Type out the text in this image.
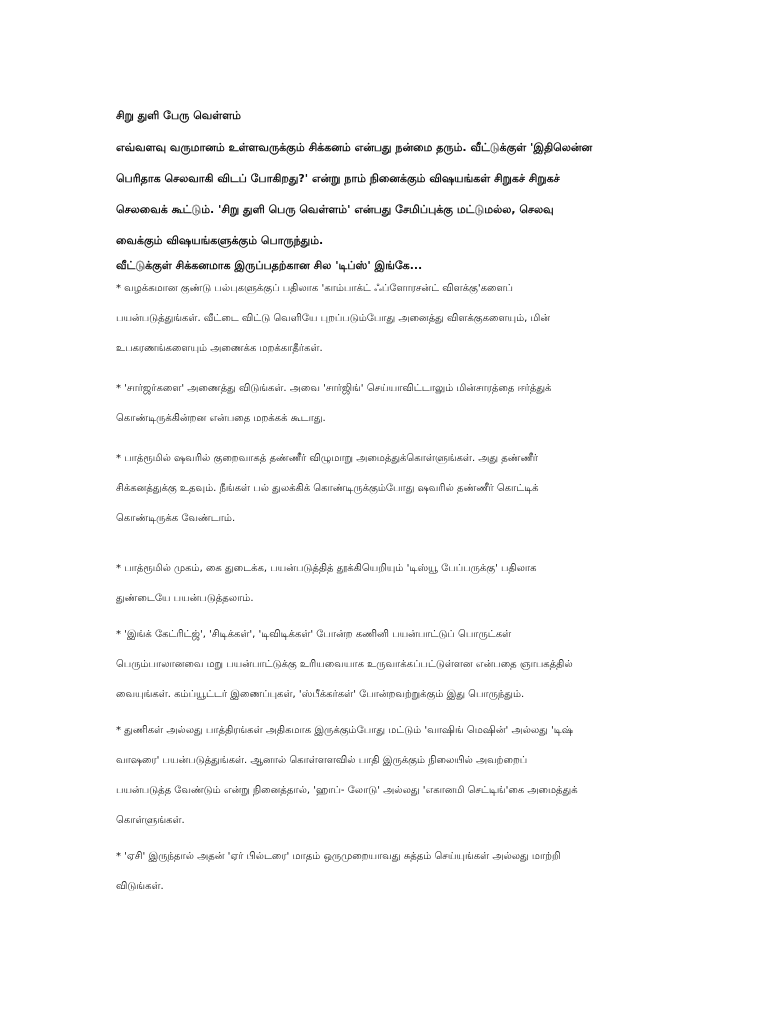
சிறு துளி பேரு வெள்ளம்
எவ்வளவு வருமானம் உள்ளவருக்கும் சிக்கனம் என்பது நன்மை தரும். வீட்டுக்குள் 'இதிலென்ன
பெரிதாக செலவாகி விடப் போகிறது?' என்று நாம் நினைக்கும் விஷயங்கள் சிறுகச் சிறுகச்
செலவைக் கூட்டும். 'சிறு துளி பெரு வெள்ளம்' என்பது சேமிப்புக்கு மட்டுமல்ல, செலவு
வைக்கும் விஷயங்களுக்கும் பொருந்தும்.
வீட்டுக்குள் சிக்கனமாக இருப்பதற்கான சில 'டிப்ஸ்' இங்கே...
* வழக்கமான குண்டு பல்புகளுக்குப் பதிலாக 'காம்பாக்ட் ஃப்ளோரசன்ட் விளக்கு'களைப்
பயன்படுத்துங்கள். வீட்டை விட்டு வெளியே புறப்படும்போது அனைத்து விளக்குகளையும், மின்
உபகரணங்களையும் அணைக்க மறக்காதீர்கள்.
* 'சார்ஜர்களை' அணைத்து விடுங்கள். அவை 'சார்ஜிங்' செய்யாவிட்டாலும் மின்சாரத்தை ஈர்த்துக்
கொண்டிருக்கின்றன என்பதை மறக்கக் கூடாது.
* பாத்ரூமில் ஷவரில் குறைவாகத் தண்ணீர் விழுமாறு அமைத்துக்கொள்ளுங்கள். அது தண்ணீர்
சிக்கனத்துக்கு உதவும். நீங்கள் பல் துலக்கிக் கொண்டிருக்கும்போது ஷவரில் தண்ணீர் கொட்டிக்
கொண்டிருக்க வேண்டாம்.
* பாத்ரூமில் முகம், கை துடைக்க, பயன்படுத்தித் தூக்கியெறியும் 'டிஸ்யூ பேப்பருக்கு' பதிலாக
துண்டையே பயன்படுத்தலாம்.
* 'இங்க் கேட்ரிட்ஜ்', 'சிடிக்கள்', 'டிவிடிக்கள்' போன்ற கணினி பயன்பாட்டுப் பொருட்கள்
பெரும்பாலானவை மறு பயன்பாட்டுக்கு உரியவையாக உருவாக்கப்பட்டுள்ளன என்பதை ஞாபகத்தில்
வையுங்கள். கம்ப்யூட்டர் இணைப்புகள், 'ஸ்பீக்கர்கள்' போன்றவற்றுக்கும் இது பொருந்தும்.
* துணிகள் அல்லது பாத்திரங்கள் அதிகமாக இருக்கும்போது மட்டும் 'வாஷிங் மெஷின்' அல்லது 'டிஷ்
வாஷரை' பயன்படுத்துங்கள். ஆனால் கொள்ளளவில் பாதி இருக்கும் நிலையில் அவற்றைப்
பயன்படுத்த வேண்டும் என்று நினைத்தால், 'ஹாப்- லோடு' அல்லது 'எகானமி செட்டிங்'கை அமைத்துக்
கொள்ளுங்கள்.
* 'ஏசி' இருந்தால் அதன் 'ஏர் பில்டரை' மாதம் ஒருமுறையாவது சுத்தம் செய்யுங்கள் அல்லது மாற்றி
விடுங்கள்.
